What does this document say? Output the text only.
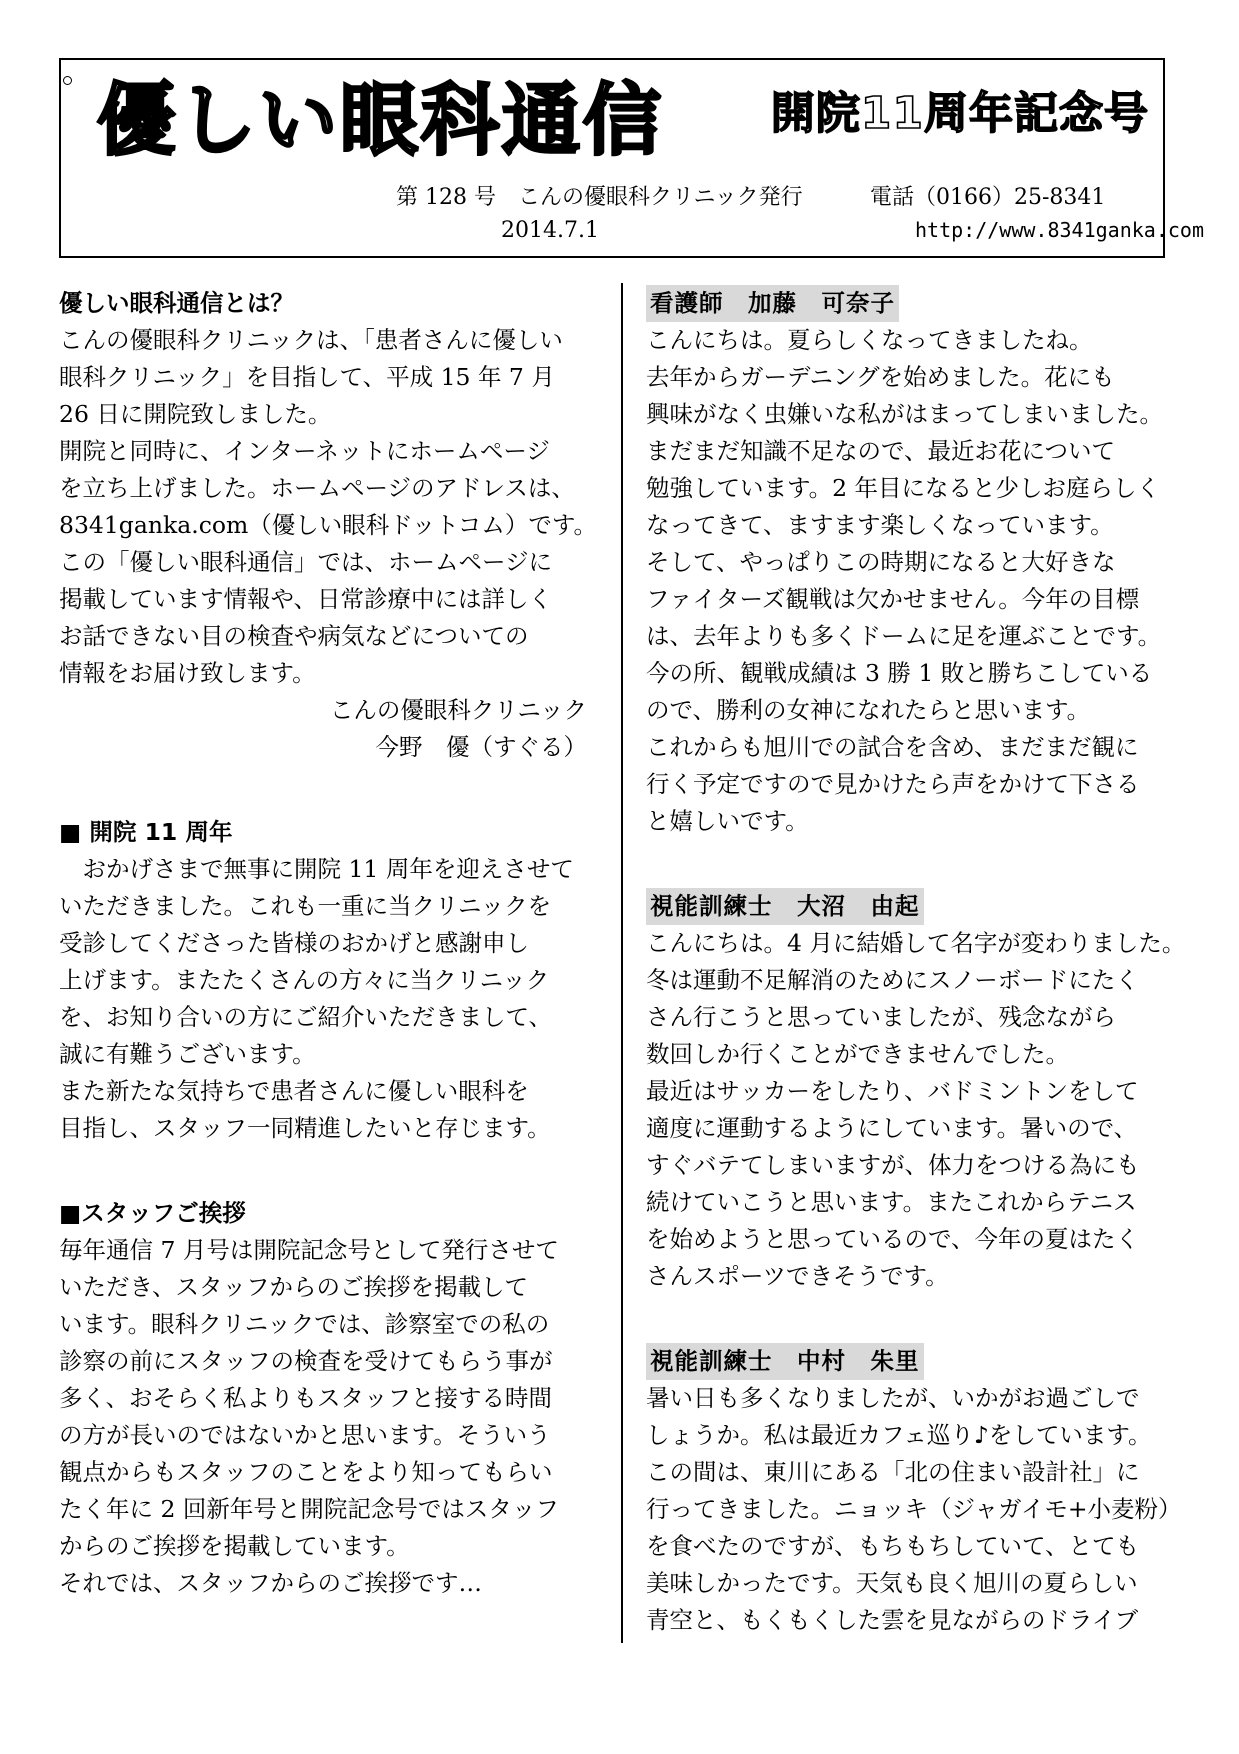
優しい眼科通信 開院11周年記念号
第 128 号　こんの優眼科クリニック発行	電話（0166）25-8341
2014.7.1	http://www.8341ganka.com
優しい眼科通信とは？

こんの優眼科クリニックは、「患者さんに優しい

眼科クリニック」を目指して、平成 15 年 7 月

26 日に開院致しました。

開院と同時に、インターネットにホームページ

を立ち上げました。ホームページのアドレスは、

8341ganka.com（優しい眼科ドットコム）です。

この「優しい眼科通信」では、ホームページに

掲載しています情報や、日常診療中には詳しく

お話できない目の検査や病気などについての

情報をお届け致します。

こんの優眼科クリニック

今野　優（すぐる）

■ 開院 11 周年

おかげさまで無事に開院 11 周年を迎えさせて

いただきました。これも一重に当クリニックを

受診してくださった皆様のおかげと感謝申し

上げます。またたくさんの方々に当クリニック

を、お知り合いの方にご紹介いただきまして、

誠に有難うございます。

また新たな気持ちで患者さんに優しい眼科を

目指し、スタッフ一同精進したいと存じます。

■スタッフご挨拶

毎年通信 7 月号は開院記念号として発行させて

いただき、スタッフからのご挨拶を掲載して

います。眼科クリニックでは、診察室での私の

診察の前にスタッフの検査を受けてもらう事が

多く、おそらく私よりもスタッフと接する時間

の方が長いのではないかと思います。そういう

観点からもスタッフのことをより知ってもらい

たく年に 2 回新年号と開院記念号ではスタッフ

からのご挨拶を掲載しています。

それでは、スタッフからのご挨拶です…

看護師　加藤　可奈子

こんにちは。夏らしくなってきましたね。

去年からガーデニングを始めました。花にも

興味がなく虫嫌いな私がはまってしまいました。

まだまだ知識不足なので、最近お花について

勉強しています。2 年目になると少しお庭らしく

なってきて、ますます楽しくなっています。

そして、やっぱりこの時期になると大好きな

ファイターズ観戦は欠かせません。今年の目標

は、去年よりも多くドームに足を運ぶことです。

今の所、観戦成績は 3 勝 1 敗と勝ちこしている

ので、勝利の女神になれたらと思います。

これからも旭川での試合を含め、まだまだ観に

行く予定ですので見かけたら声をかけて下さる

と嬉しいです。

視能訓練士　大沼　由起

こんにちは。4 月に結婚して名字が変わりました。

冬は運動不足解消のためにスノーボードにたく

さん行こうと思っていましたが、残念ながら

数回しか行くことができませんでした。

最近はサッカーをしたり、バドミントンをして

適度に運動するようにしています。暑いので、

すぐバテてしまいますが、体力をつける為にも

続けていこうと思います。またこれからテニス

を始めようと思っているので、今年の夏はたく

さんスポーツできそうです。

視能訓練士　中村　朱里

暑い日も多くなりましたが、いかがお過ごしで

しょうか。私は最近カフェ巡り♪をしています。

この間は、東川にある「北の住まい設計社」に

行ってきました。ニョッキ（ジャガイモ+小麦粉）

を食べたのですが、もちもちしていて、とても

美味しかったです。天気も良く旭川の夏らしい

青空と、もくもくした雲を見ながらのドライブ
